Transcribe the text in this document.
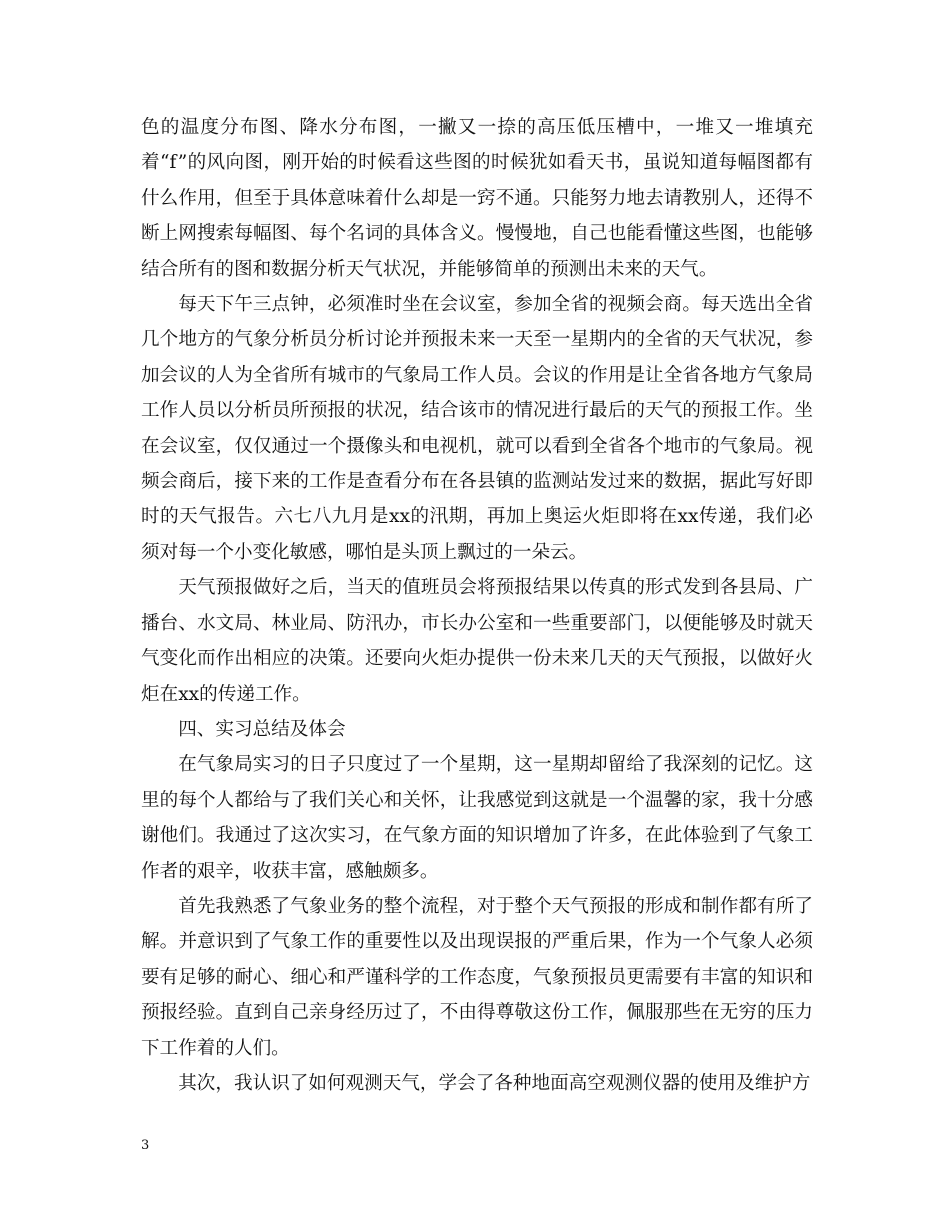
色的温度分布图、降水分布图，一撇又一捺的高压低压槽中，一堆又一堆填充着“f”的风向图，刚开始的时候看这些图的时候犹如看天书，虽说知道每幅图都有什么作用，但至于具体意味着什么却是一窍不通。只能努力地去请教别人，还得不断上网搜索每幅图、每个名词的具体含义。慢慢地，自己也能看懂这些图，也能够结合所有的图和数据分析天气状况，并能够简单的预测出未来的天气。

每天下午三点钟，必须准时坐在会议室，参加全省的视频会商。每天选出全省几个地方的气象分析员分析讨论并预报未来一天至一星期内的全省的天气状况，参加会议的人为全省所有城市的气象局工作人员。会议的作用是让全省各地方气象局工作人员以分析员所预报的状况，结合该市的情况进行最后的天气的预报工作。坐在会议室，仅仅通过一个摄像头和电视机，就可以看到全省各个地市的气象局。视频会商后，接下来的工作是查看分布在各县镇的监测站发过来的数据，据此写好即时的天气报告。六七八九月是xx的汛期，再加上奥运火炬即将在xx传递，我们必须对每一个小变化敏感，哪怕是头顶上飘过的一朵云。

天气预报做好之后，当天的值班员会将预报结果以传真的形式发到各县局、广播台、水文局、林业局、防汛办，市长办公室和一些重要部门，以便能够及时就天气变化而作出相应的决策。还要向火炬办提供一份未来几天的天气预报，以做好火炬在xx的传递工作。

四、实习总结及体会

在气象局实习的日子只度过了一个星期，这一星期却留给了我深刻的记忆。这里的每个人都给与了我们关心和关怀，让我感觉到这就是一个温馨的家，我十分感谢他们。我通过了这次实习，在气象方面的知识增加了许多，在此体验到了气象工作者的艰辛，收获丰富，感触颇多。

首先我熟悉了气象业务的整个流程，对于整个天气预报的形成和制作都有所了解。并意识到了气象工作的重要性以及出现误报的严重后果，作为一个气象人必须要有足够的耐心、细心和严谨科学的工作态度，气象预报员更需要有丰富的知识和预报经验。直到自己亲身经历过了，不由得尊敬这份工作，佩服那些在无穷的压力下工作着的人们。

其次，我认识了如何观测天气，学会了各种地面高空观测仪器的使用及维护方

3
